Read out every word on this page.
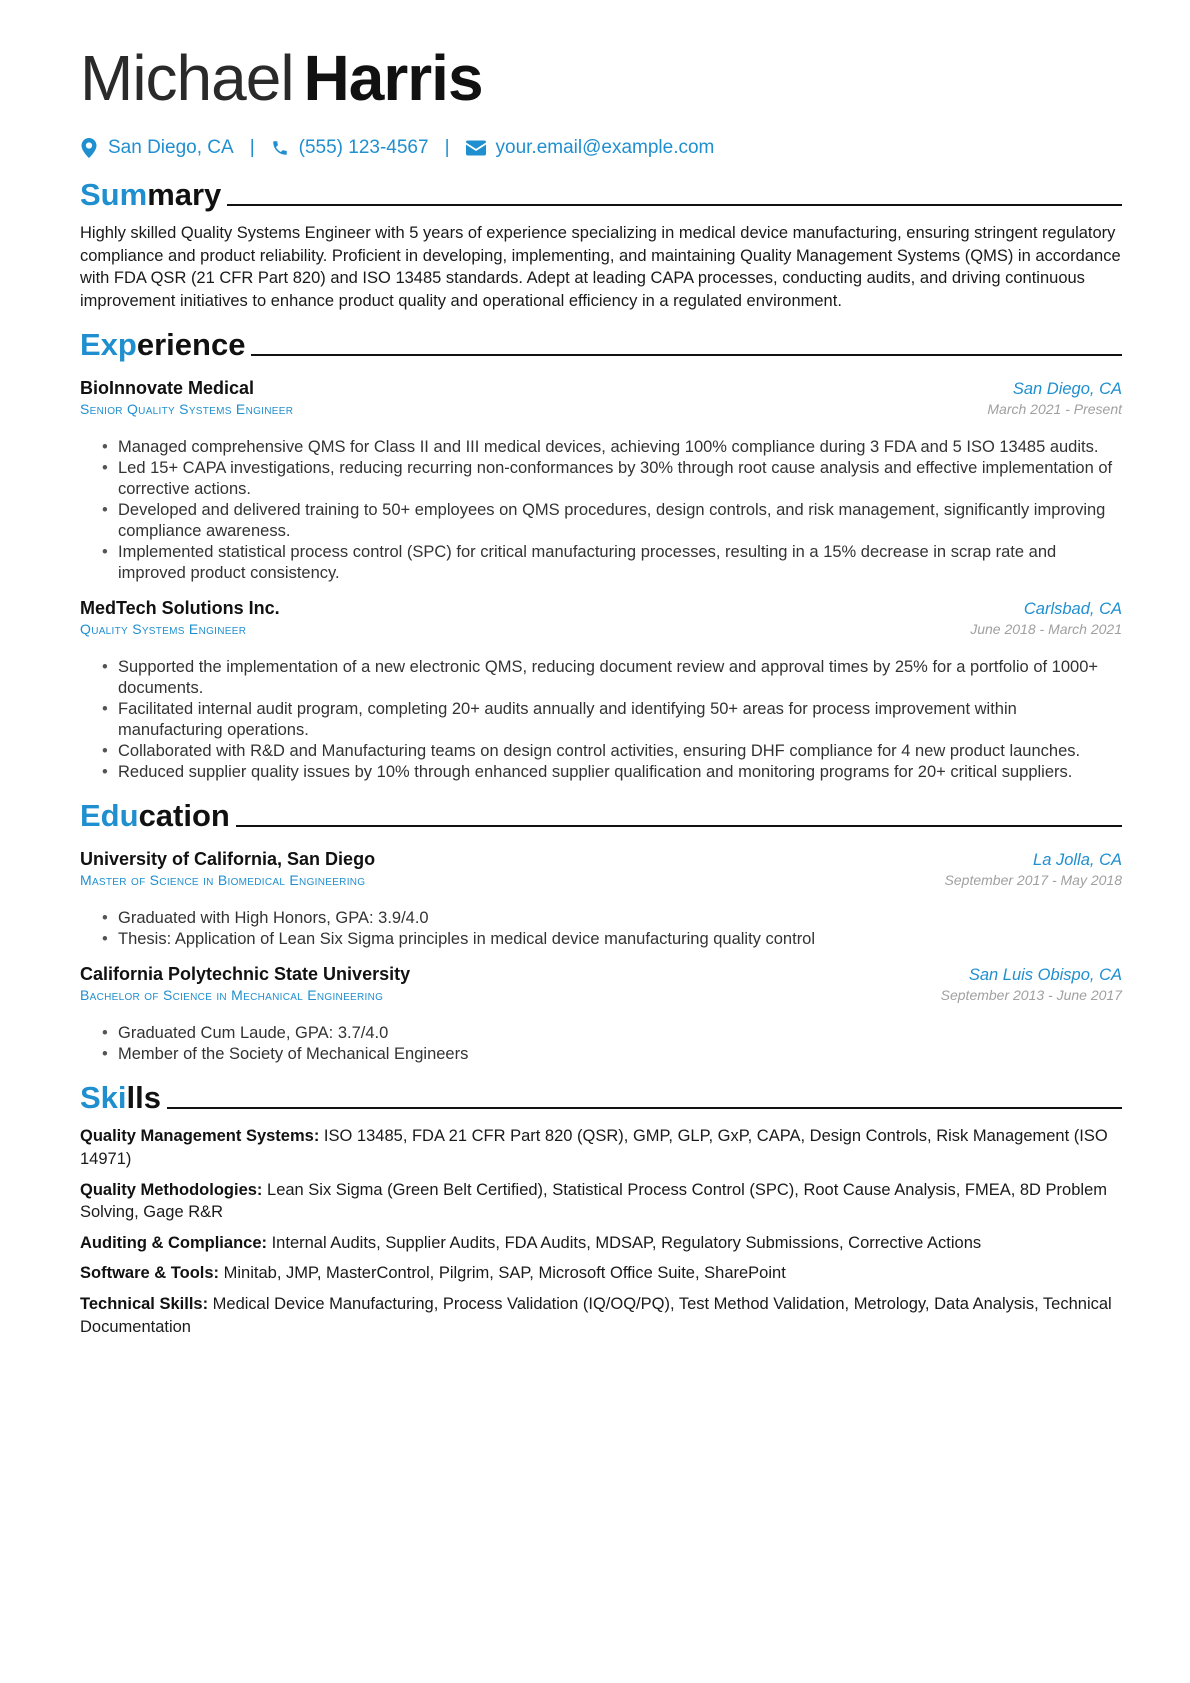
Michael Harris
San Diego, CA | (555) 123-4567 | your.email@example.com
Summary

Highly skilled Quality Systems Engineer with 5 years of experience specializing in medical device manufacturing, ensuring stringent regulatory compliance and product reliability. Proficient in developing, implementing, and maintaining Quality Management Systems (QMS) in accordance with FDA QSR (21 CFR Part 820) and ISO 13485 standards. Adept at leading CAPA processes, conducting audits, and driving continuous improvement initiatives to enhance product quality and operational efficiency in a regulated environment.

Experience
BioInnovate Medical	San Diego, CA
Senior Quality Systems Engineer	March 2021 - Present
• Managed comprehensive QMS for Class II and III medical devices, achieving 100% compliance during 3 FDA and 5 ISO 13485 audits.
• Led 15+ CAPA investigations, reducing recurring non-conformances by 30% through root cause analysis and effective implementation of corrective actions.
• Developed and delivered training to 50+ employees on QMS procedures, design controls, and risk management, significantly improving compliance awareness.
• Implemented statistical process control (SPC) for critical manufacturing processes, resulting in a 15% decrease in scrap rate and improved product consistency.
MedTech Solutions Inc.	Carlsbad, CA
Quality Systems Engineer	June 2018 - March 2021
• Supported the implementation of a new electronic QMS, reducing document review and approval times by 25% for a portfolio of 1000+ documents.
• Facilitated internal audit program, completing 20+ audits annually and identifying 50+ areas for process improvement within manufacturing operations.
• Collaborated with R&D and Manufacturing teams on design control activities, ensuring DHF compliance for 4 new product launches.
• Reduced supplier quality issues by 10% through enhanced supplier qualification and monitoring programs for 20+ critical suppliers.
Education
University of California, San Diego	La Jolla, CA
Master of Science in Biomedical Engineering	September 2017 - May 2018
• Graduated with High Honors, GPA: 3.9/4.0
• Thesis: Application of Lean Six Sigma principles in medical device manufacturing quality control
California Polytechnic State University	San Luis Obispo, CA
Bachelor of Science in Mechanical Engineering	September 2013 - June 2017
• Graduated Cum Laude, GPA: 3.7/4.0
• Member of the Society of Mechanical Engineers
Skills
Quality Management Systems: ISO 13485, FDA 21 CFR Part 820 (QSR), GMP, GLP, GxP, CAPA, Design Controls, Risk Management (ISO 14971)
Quality Methodologies: Lean Six Sigma (Green Belt Certified), Statistical Process Control (SPC), Root Cause Analysis, FMEA, 8D Problem Solving, Gage R&R
Auditing & Compliance: Internal Audits, Supplier Audits, FDA Audits, MDSAP, Regulatory Submissions, Corrective Actions
Software & Tools: Minitab, JMP, MasterControl, Pilgrim, SAP, Microsoft Office Suite, SharePoint
Technical Skills: Medical Device Manufacturing, Process Validation (IQ/OQ/PQ), Test Method Validation, Metrology, Data Analysis, Technical Documentation
